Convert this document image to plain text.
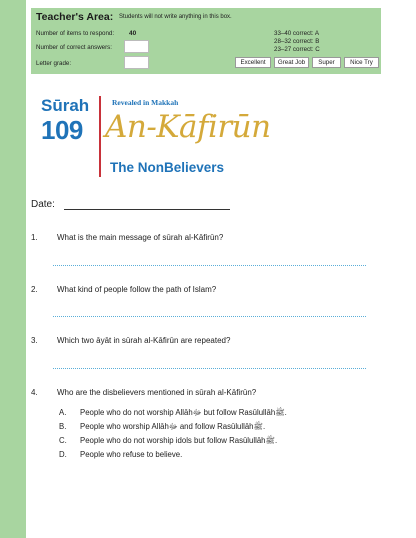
Teacher's Area: Students will not write anything in this box.
Number of items to respond: 40
Number of correct answers:
Letter grade:
33–40 correct: A
28–32 correct: B
23–27 correct: C
Excellent	Great Job	Super	Nice Try
Sūrah
109
Revealed in Makkah
An-Kāfirūn
The NonBelievers
Date:
1. What is the main message of sūrah al-Kāfirūn?
2. What kind of people follow the path of Islam?
3. Which two āyāt in sūrah al-Kāfirūn are repeated?
4. Who are the disbelievers mentioned in sūrah al-Kāfirūn?
A. People who do not worship Allāhﷻ but follow Rasūlullāhﷺ.
B. People who worship Allāhﷻ and follow Rasūlullāhﷺ.
C. People who do not worship idols but follow Rasūlullāhﷺ.
D. People who refuse to believe.
